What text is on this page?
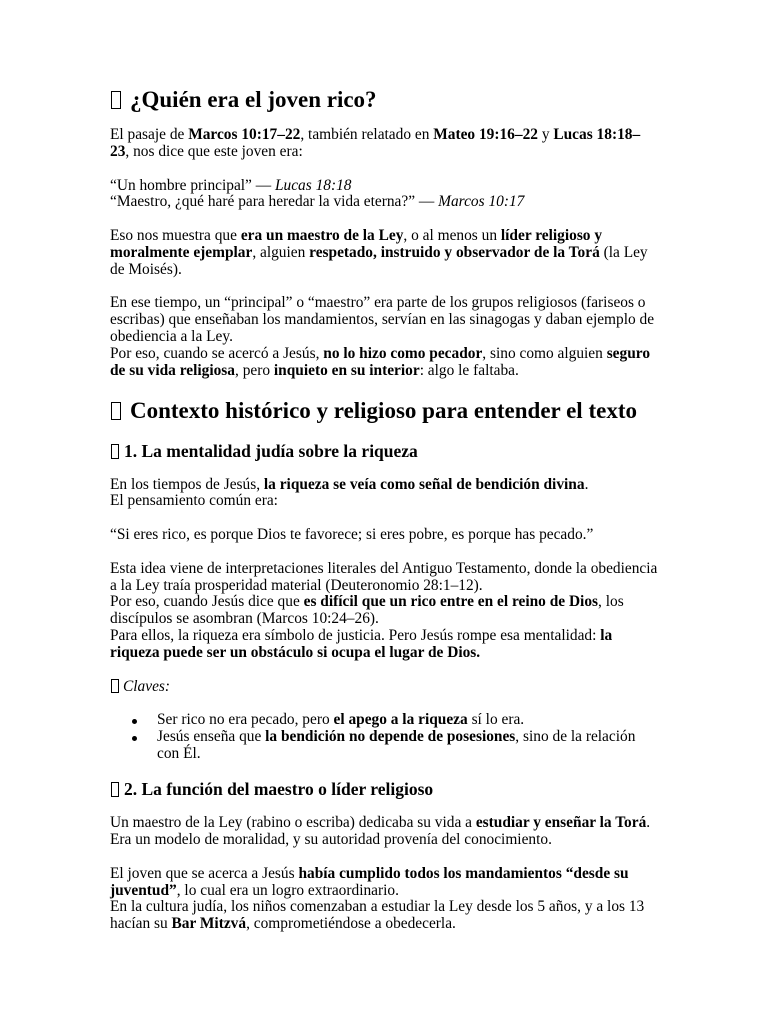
¿Quién era el joven rico?

El pasaje de Marcos 10:17–22, también relatado en Mateo 19:16–22 y Lucas 18:18–23, nos dice que este joven era:

“Un hombre principal” — Lucas 18:18
“Maestro, ¿qué haré para heredar la vida eterna?” — Marcos 10:17

Eso nos muestra que era un maestro de la Ley, o al menos un líder religioso y moralmente ejemplar, alguien respetado, instruido y observador de la Torá (la Ley de Moisés).

En ese tiempo, un “principal” o “maestro” era parte de los grupos religiosos (fariseos o escribas) que enseñaban los mandamientos, servían en las sinagogas y daban ejemplo de obediencia a la Ley.
Por eso, cuando se acercó a Jesús, no lo hizo como pecador, sino como alguien seguro de su vida religiosa, pero inquieto en su interior: algo le faltaba.

Contexto histórico y religioso para entender el texto
1. La mentalidad judía sobre la riqueza

En los tiempos de Jesús, la riqueza se veía como señal de bendición divina.
El pensamiento común era:

“Si eres rico, es porque Dios te favorece; si eres pobre, es porque has pecado.”

Esta idea viene de interpretaciones literales del Antiguo Testamento, donde la obediencia a la Ley traía prosperidad material (Deuteronomio 28:1–12).
Por eso, cuando Jesús dice que es difícil que un rico entre en el reino de Dios, los discípulos se asombran (Marcos 10:24–26).
Para ellos, la riqueza era símbolo de justicia. Pero Jesús rompe esa mentalidad: la riqueza puede ser un obstáculo si ocupa el lugar de Dios.

Claves:

Ser rico no era pecado, pero el apego a la riqueza sí lo era.
Jesús enseña que la bendición no depende de posesiones, sino de la relación con Él.
2. La función del maestro o líder religioso

Un maestro de la Ley (rabino o escriba) dedicaba su vida a estudiar y enseñar la Torá.
Era un modelo de moralidad, y su autoridad provenía del conocimiento.

El joven que se acerca a Jesús había cumplido todos los mandamientos “desde su juventud”, lo cual era un logro extraordinario.
En la cultura judía, los niños comenzaban a estudiar la Ley desde los 5 años, y a los 13 hacían su Bar Mitzvá, comprometiéndose a obedecerla.
